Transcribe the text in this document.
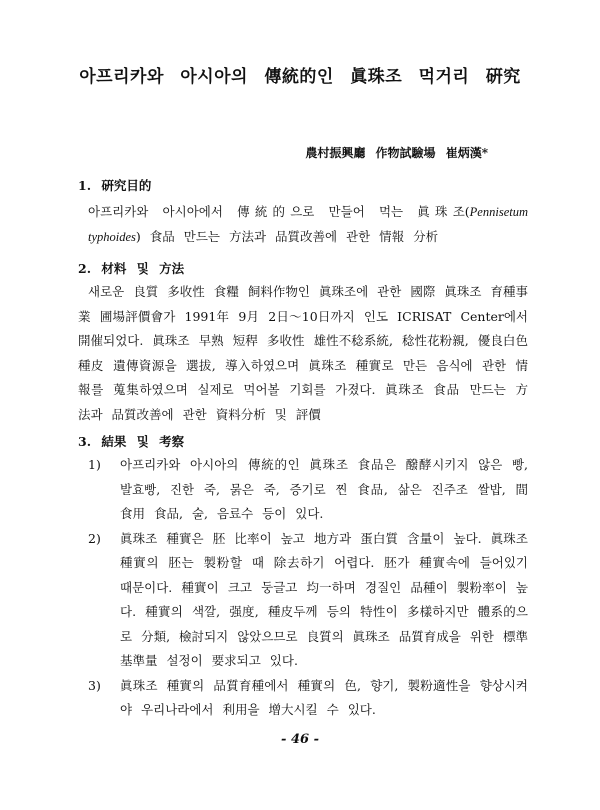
아프리카와 아시아의 傳統的인 眞珠조 먹거리 硏究
農村振興廳 作物試驗場 崔炳漢*
1. 硏究目的
아프리카와 아시아에서 傳統的으로 만들어 먹는 眞珠조(Pennisetum typhoides) 食品 만드는 方法과 品質改善에 관한 情報 分析
2. 材料 및 方法
새로운 良質 多收性 食糧 飼料作物인 眞珠조에 관한 國際 眞珠조 育種事業 圃場評價會가 1991年 9月 2日～10日까지 인도 ICRISAT Center에서 開催되었다. 眞珠조 早熟 短稈 多收性 雄性不稔系統, 稔性花粉親, 優良白色種皮 遺傳資源을 選拔, 導入하였으며 眞珠조 種實로 만든 음식에 관한 情報를 蒐集하였으며 실제로 먹어볼 기회를 가졌다. 眞珠조 食品 만드는 方法과 品質改善에 관한 資料分析 및 評價
3. 結果 및 考察
1)	아프리카와 아시아의 傳統的인 眞珠조 食品은 醱酵시키지 않은 빵, 발효빵, 진한 죽, 묽은 죽, 증기로 찐 食品, 삶은 진주조 쌀밥, 間食用 食品, 술, 음료수 등이 있다.
2)	眞珠조 種實은 胚 比率이 높고 地方과 蛋白質 含量이 높다. 眞珠조 種實의 胚는 製粉할 때 除去하기 어렵다. 胚가 種實속에 들어있기 때문이다. 種實이 크고 둥글고 均一하며 경질인 品種이 製粉率이 높다. 種實의 색깔, 强度, 種皮두께 등의 特性이 多樣하지만 體系的으로 分類, 檢討되지 않았으므로 良質의 眞珠조 品質育成을 위한 標準基準量 설정이 要求되고 있다.
3)	眞珠조 種實의 品質育種에서 種實의 色, 향기, 製粉適性을 향상시켜야 우리나라에서 利用을 增大시킬 수 있다.
- 46 -
